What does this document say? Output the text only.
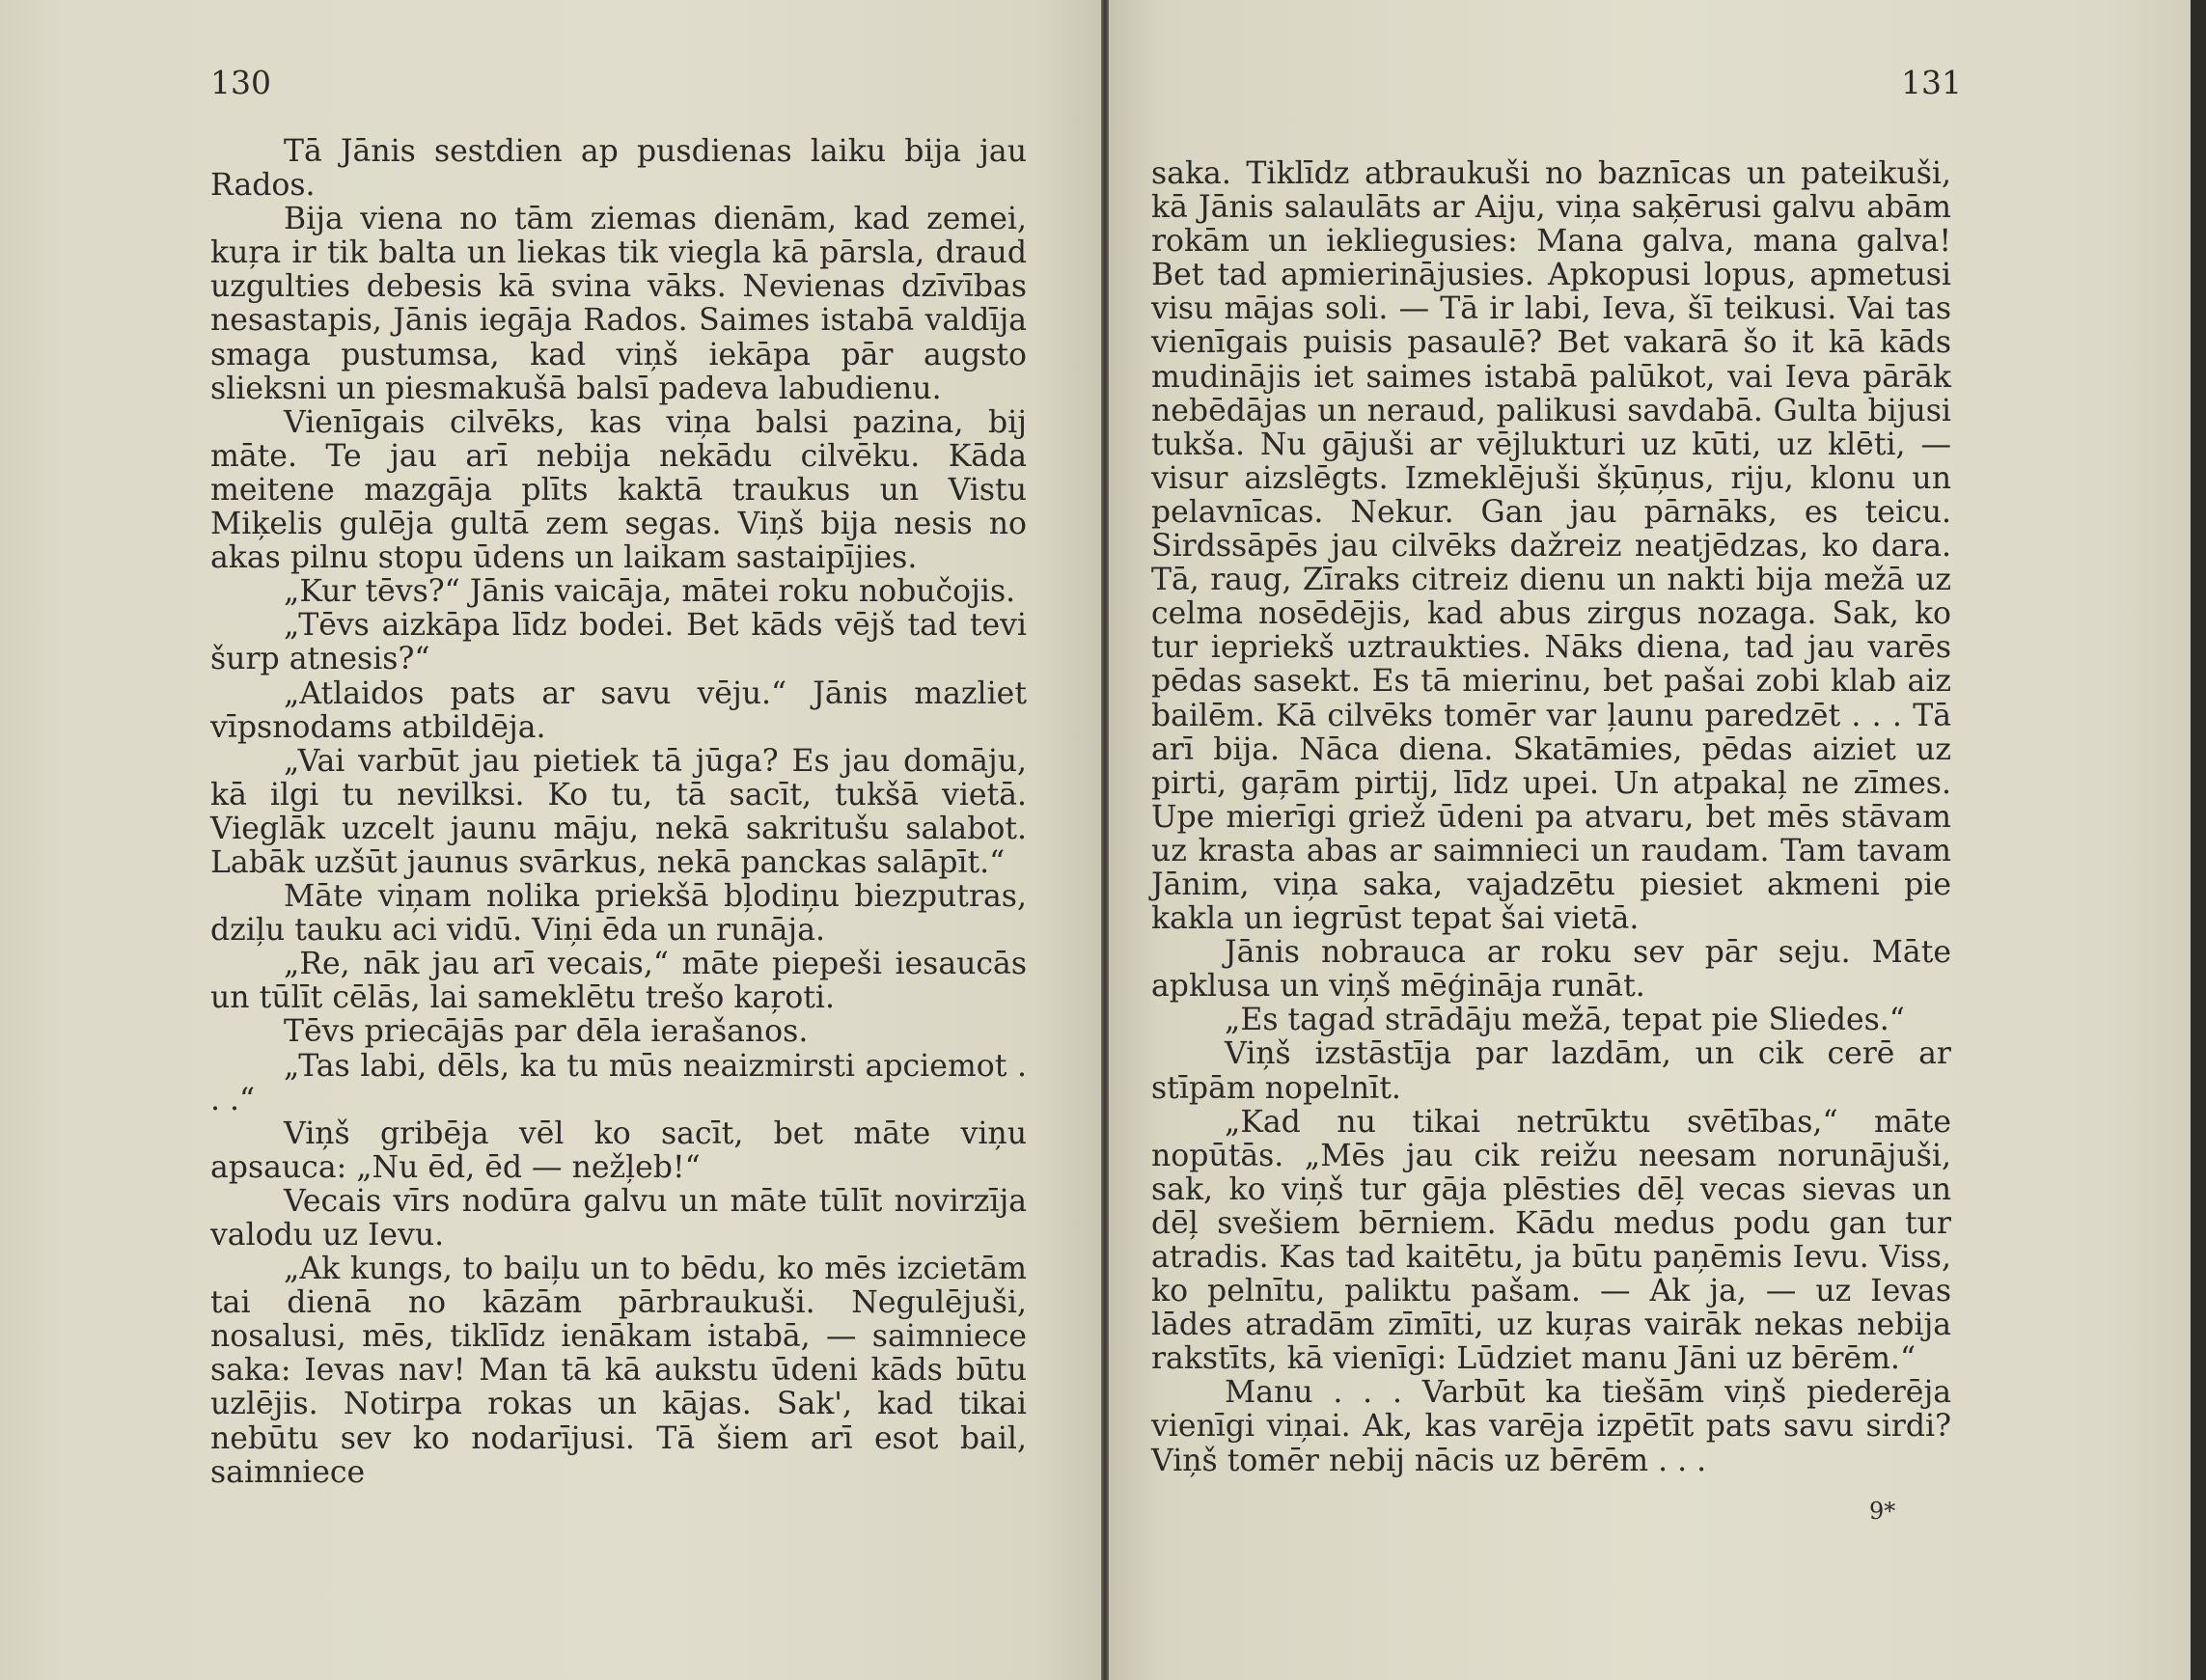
130

Tā Jānis sestdien ap pusdienas laiku bija jau Rados.

Bija viena no tām ziemas dienām, kad zemei, kuŗa ir tik balta un liekas tik viegla kā pārsla, draud uzgulties debesis kā svina vāks. Nevienas dzīvības nesastapis, Jānis iegāja Rados. Saimes istabā valdīja smaga pustumsa, kad viņš iekāpa pār augsto slieksni un piesmakušā balsī padeva labudienu.

Vienīgais cilvēks, kas viņa balsi pazina, bij māte. Te jau arī nebija nekādu cilvēku. Kāda meitene mazgāja plīts kaktā traukus un Vistu Miķelis gulēja gultā zem segas. Viņš bija nesis no akas pilnu stopu ūdens un laikam sastaipījies.

„Kur tēvs?“ Jānis vaicāja, mātei roku nobučojis.

„Tēvs aizkāpa līdz bodei. Bet kāds vējš tad tevi šurp atnesis?“

„Atlaidos pats ar savu vēju.“ Jānis mazliet vīpsnodams atbildēja.

„Vai varbūt jau pietiek tā jūga? Es jau domāju, kā ilgi tu nevilksi. Ko tu, tā sacīt, tukšā vietā. Vieglāk uzcelt jaunu māju, nekā sakritušu salabot. Labāk uzšūt jaunus svārkus, nekā panckas salāpīt.“

Māte viņam nolika priekšā bļodiņu biezputras, dziļu tauku aci vidū. Viņi ēda un runāja.

„Re, nāk jau arī vecais,“ māte piepeši iesaucās un tūlīt cēlās, lai sameklētu trešo kaŗoti.

Tēvs priecājās par dēla ierašanos.

„Tas labi, dēls, ka tu mūs neaizmirsti apciemot . . .“

Viņš gribēja vēl ko sacīt, bet māte viņu apsauca: „Nu ēd, ēd — nežļeb!“

Vecais vīrs nodūra galvu un māte tūlīt novirzīja valodu uz Ievu.

„Ak kungs, to baiļu un to bēdu, ko mēs izcietām tai dienā no kāzām pārbraukuši. Negulējuši, nosalusi, mēs, tiklīdz ienākam istabā, — saimniece saka: Ievas nav! Man tā kā aukstu ūdeni kāds būtu uzlējis. Notirpa rokas un kājas. Sak', kad tikai nebūtu sev ko nodarījusi. Tā šiem arī esot bail, saimniece

131

saka. Tiklīdz atbraukuši no baznīcas un pateikuši, kā Jānis salaulāts ar Aiju, viņa saķērusi galvu abām rokām un iekliegusies: Mana galva, mana galva! Bet tad apmierinājusies. Apkopusi lopus, apmetusi visu mājas soli. — Tā ir labi, Ieva, šī teikusi. Vai tas vienīgais puisis pasaulē? Bet vakarā šo it kā kāds mudinājis iet saimes istabā palūkot, vai Ieva pārāk nebēdājas un neraud, palikusi savdabā. Gulta bijusi tukša. Nu gājuši ar vējlukturi uz kūti, uz klēti, — visur aizslēgts. Izmeklējuši šķūņus, riju, klonu un pelavnīcas. Nekur. Gan jau pārnāks, es teicu. Sirdssāpēs jau cilvēks dažreiz neatjēdzas, ko dara. Tā, raug, Zīraks citreiz dienu un nakti bija mežā uz celma nosēdējis, kad abus zirgus nozaga. Sak, ko tur iepriekš uztraukties. Nāks diena, tad jau varēs pēdas sasekt. Es tā mierinu, bet pašai zobi klab aiz bailēm. Kā cilvēks tomēr var ļaunu paredzēt . . . Tā arī bija. Nāca diena. Skatāmies, pēdas aiziet uz pirti, gaŗām pirtij, līdz upei. Un atpakaļ ne zīmes. Upe mierīgi griež ūdeni pa atvaru, bet mēs stāvam uz krasta abas ar saimnieci un raudam. Tam tavam Jānim, viņa saka, vajadzētu piesiet akmeni pie kakla un iegrūst tepat šai vietā.

Jānis nobrauca ar roku sev pār seju. Māte apklusa un viņš mēģināja runāt.

„Es tagad strādāju mežā, tepat pie Sliedes.“

Viņš izstāstīja par lazdām, un cik cerē ar stīpām nopelnīt.

„Kad nu tikai netrūktu svētības,“ māte nopūtās. „Mēs jau cik reižu neesam norunājuši, sak, ko viņš tur gāja plēsties dēļ vecas sievas un dēļ svešiem bērniem. Kādu medus podu gan tur atradis. Kas tad kaitētu, ja būtu paņēmis Ievu. Viss, ko pelnītu, paliktu pašam. — Ak ja, — uz Ievas lādes atradām zīmīti, uz kuŗas vairāk nekas nebija rakstīts, kā vienīgi: Lūdziet manu Jāni uz bērēm.“

Manu . . . Varbūt ka tiešām viņš piederēja vienīgi viņai. Ak, kas varēja izpētīt pats savu sirdi? Viņš tomēr nebij nācis uz bērēm . . .

9*
